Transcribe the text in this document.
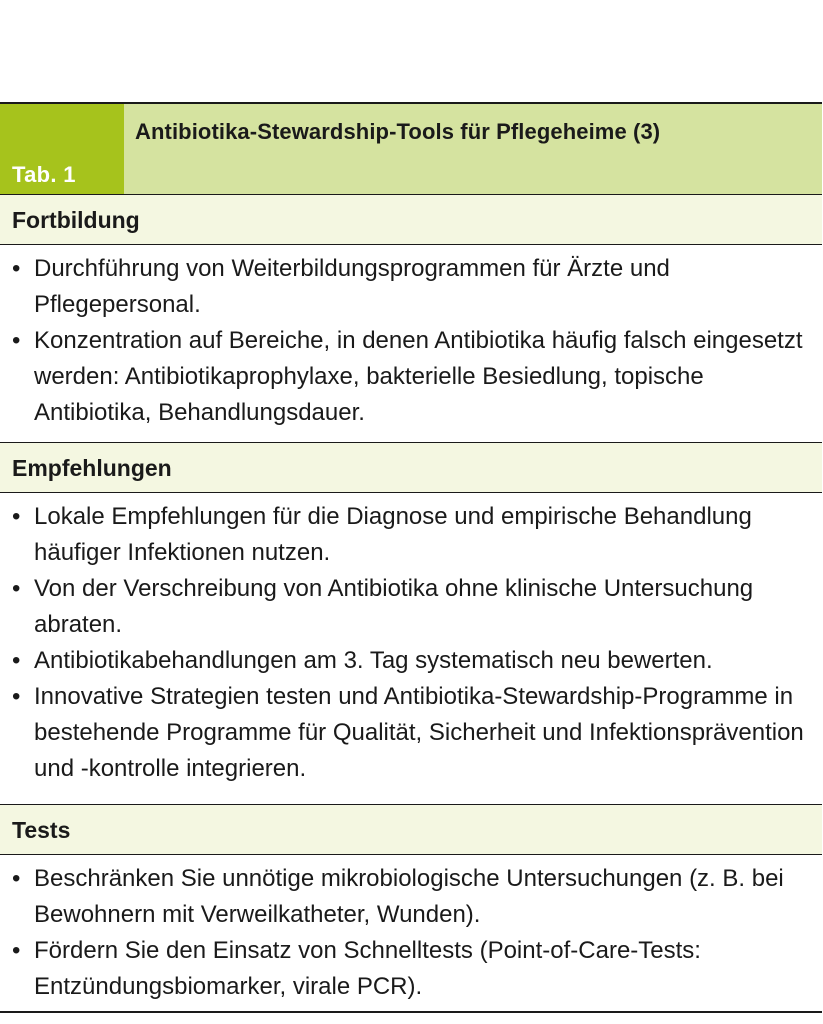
Tab. 1
Antibiotika-Stewardship-Tools für Pflegeheime (3)
Fortbildung
• Durchführung von Weiterbildungsprogrammen für Ärzte und Pflegepersonal.
• Konzentration auf Bereiche, in denen Antibiotika häufig falsch eingesetzt werden: Antibiotikaprophylaxe, bakterielle Besiedlung, topische Antibiotika, Behandlungsdauer.
Empfehlungen
• Lokale Empfehlungen für die Diagnose und empirische Behandlung häufiger Infektionen nutzen.
• Von der Verschreibung von Antibiotika ohne klinische Untersuchung abraten.
• Antibiotikabehandlungen am 3. Tag systematisch neu bewerten.
• Innovative Strategien testen und Antibiotika-Stewardship-Programme in bestehende Programme für Qualität, Sicherheit und Infektionsprävention und -kontrolle integrieren.
Tests
• Beschränken Sie unnötige mikrobiologische Untersuchungen (z. B. bei Bewohnern mit Verweilkatheter, Wunden).
• Fördern Sie den Einsatz von Schnelltests (Point-of-Care-Tests: Entzündungsbiomarker, virale PCR).
